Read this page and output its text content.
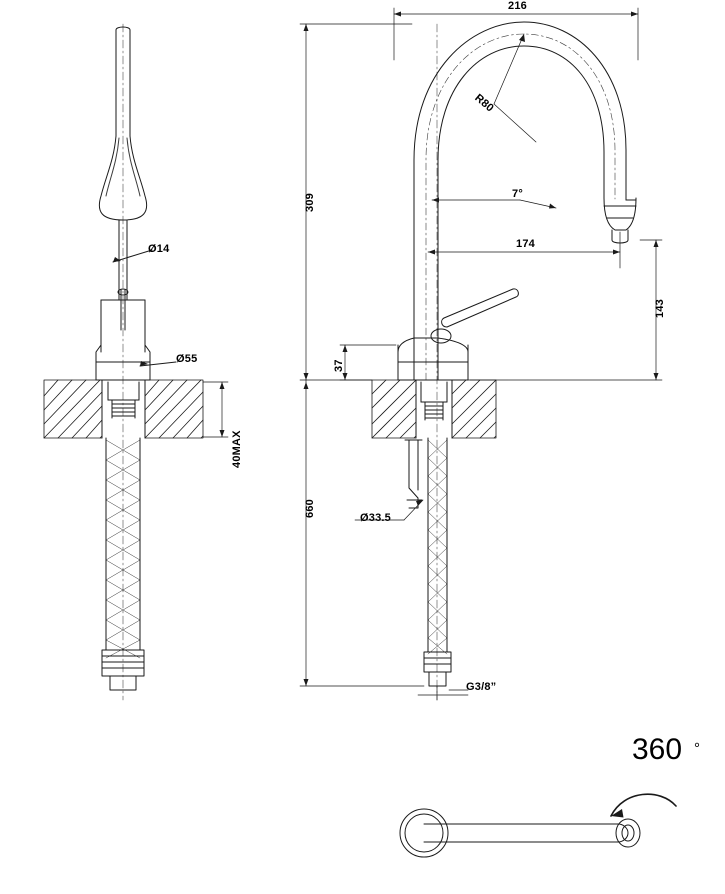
216
R80
7°
309
174
143
37
660
Ø14
Ø55
40MAX
Ø33.5
G3/8”
360 °
